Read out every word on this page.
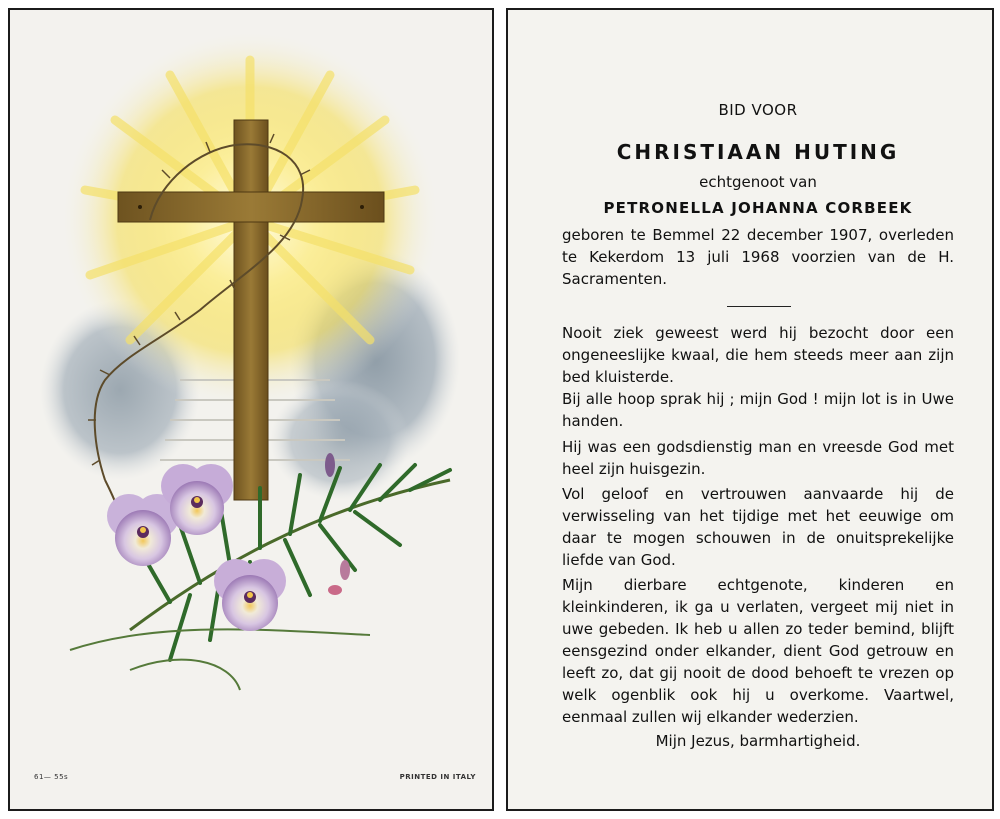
61— 55s	PRINTED IN ITALY
BID VOOR
CHRISTIAAN HUTING
echtgenoot van
PETRONELLA JOHANNA CORBEEK
geboren te Bemmel 22 december 1907, overleden te Kekerdom 13 juli 1968 voorzien van de H. Sacramenten.
Nooit ziek geweest werd hij bezocht door een ongeneeslijke kwaal, die hem steeds meer aan zijn bed kluisterde.
Bij alle hoop sprak hij ; mijn God ! mijn lot is in Uwe handen.
Hij was een godsdienstig man en vreesde God met heel zijn huisgezin.
Vol geloof en vertrouwen aanvaarde hij de verwisseling van het tijdige met het eeuwige om daar te mogen schouwen in de onuitsprekelijke liefde van God.
Mijn dierbare echtgenote, kinderen en kleinkinderen, ik ga u verlaten, vergeet mij niet in uwe gebeden. Ik heb u allen zo teder bemind, blijft eensgezind onder elkander, dient God getrouw en leeft zo, dat gij nooit de dood behoeft te vrezen op welk ogenblik ook hij u overkome. Vaartwel, eenmaal zullen wij elkander wederzien.
Mijn Jezus, barmhartigheid.
